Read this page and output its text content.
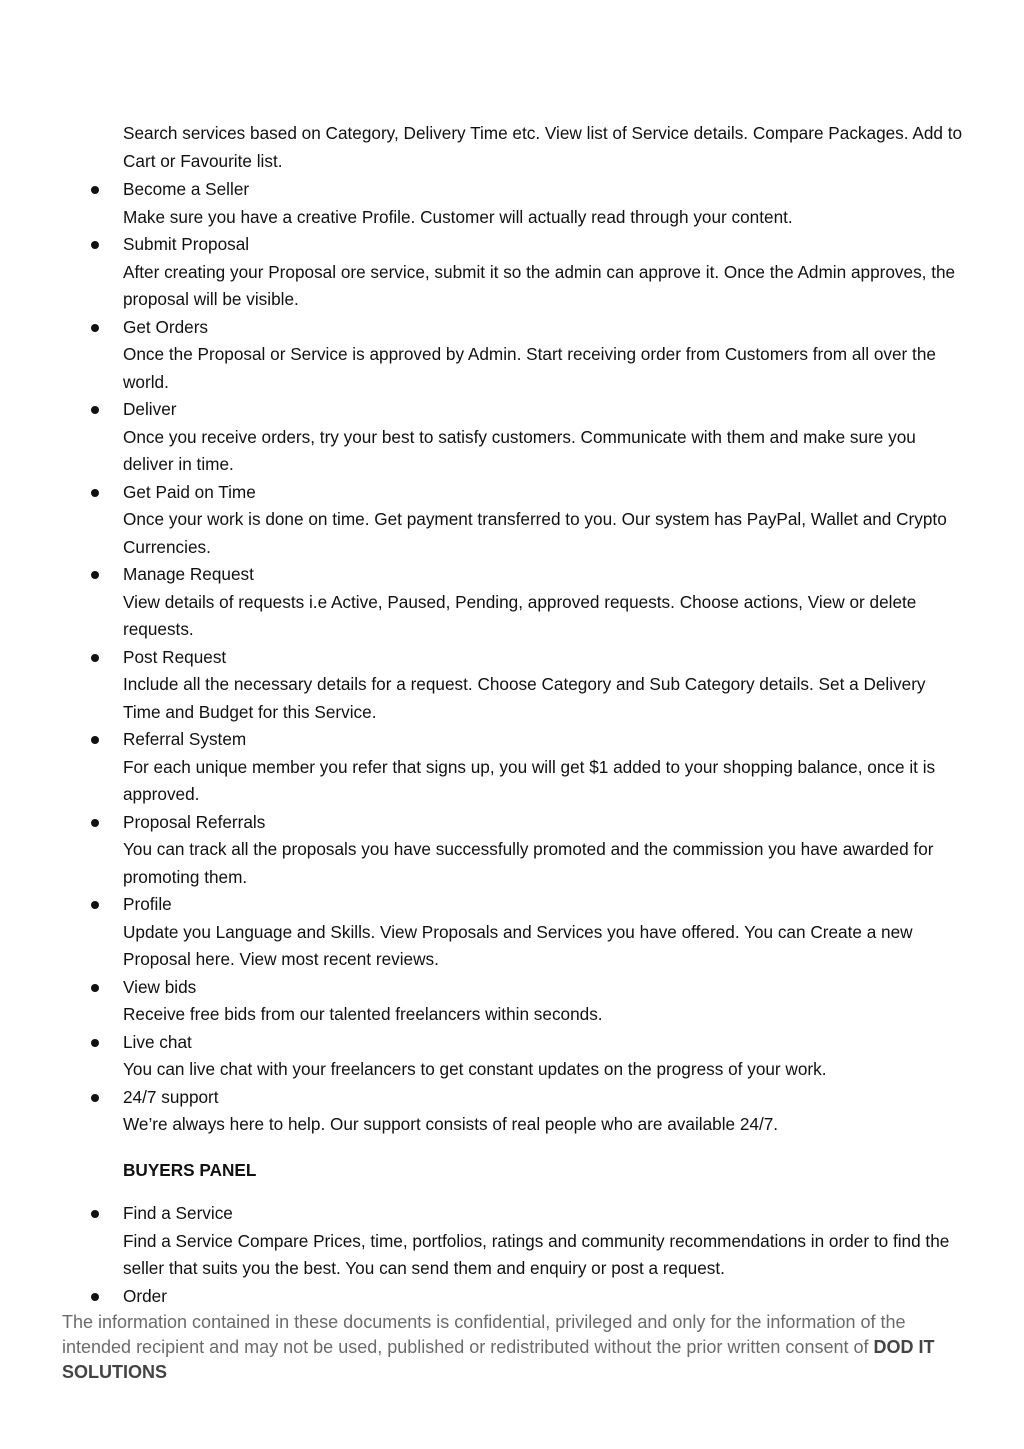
Search services based on Category, Delivery Time etc. View list of Service details. Compare Packages. Add to Cart or Favourite list.
Become a Seller
Make sure you have a creative Profile. Customer will actually read through your content.
Submit Proposal
After creating your Proposal ore service, submit it so the admin can approve it. Once the Admin approves, the proposal will be visible.
Get Orders
Once the Proposal or Service is approved by Admin. Start receiving order from Customers from all over the world.
Deliver
Once you receive orders, try your best to satisfy customers. Communicate with them and make sure you deliver in time.
Get Paid on Time
Once your work is done on time. Get payment transferred to you. Our system has PayPal, Wallet and Crypto Currencies.
Manage Request
View details of requests i.e Active, Paused, Pending, approved requests. Choose actions, View or delete requests.
Post Request
Include all the necessary details for a request. Choose Category and Sub Category details. Set a Delivery Time and Budget for this Service.
Referral System
For each unique member you refer that signs up, you will get $1 added to your shopping balance, once it is approved.
Proposal Referrals
You can track all the proposals you have successfully promoted and the commission you have awarded for promoting them.
Profile
Update you Language and Skills. View Proposals and Services you have offered. You can Create a new Proposal here. View most recent reviews.
View bids
Receive free bids from our talented freelancers within seconds.
Live chat
You can live chat with your freelancers to get constant updates on the progress of your work.
24/7 support
We’re always here to help. Our support consists of real people who are available 24/7.
BUYERS PANEL
Find a Service
Find a Service Compare Prices, time, portfolios, ratings and community recommendations in order to find the seller that suits you the best. You can send them and enquiry or post a request.
Order
The information contained in these documents is confidential, privileged and only for the information of the intended recipient and may not be used, published or redistributed without the prior written consent of DOD IT SOLUTIONS
